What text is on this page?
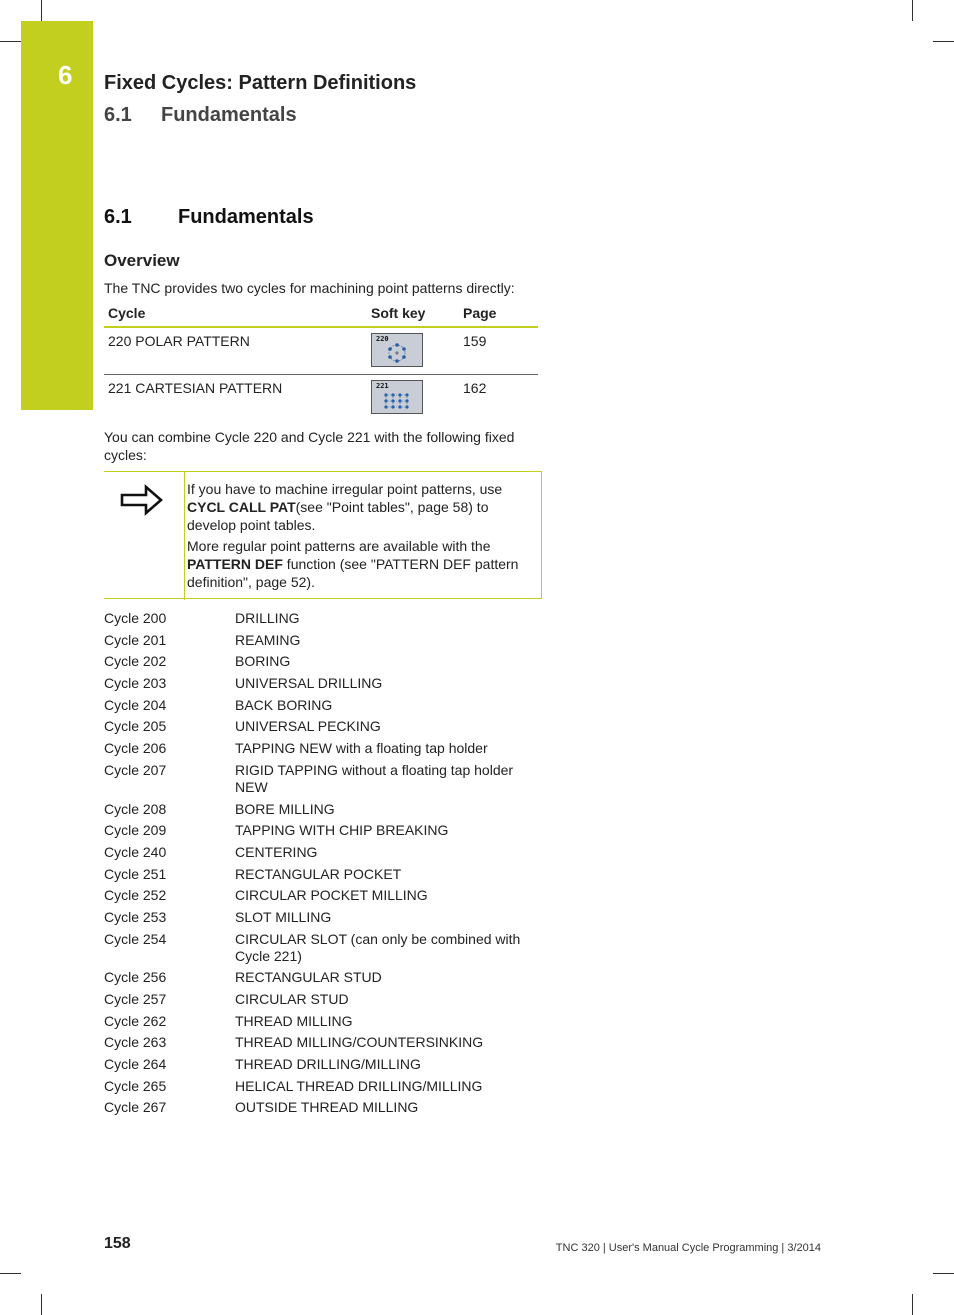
6	Fixed Cycles: Pattern Definitions
6.1 Fundamentals
6.1 Fundamentals
Overview
The TNC provides two cycles for machining point patterns directly:
Cycle	Soft key	Page
220 POLAR PATTERN	220	159
221 CARTESIAN PATTERN	221	162
You can combine Cycle 220 and Cycle 221 with the following fixed cycles:
If you have to machine irregular point patterns, use CYCL CALL PAT(see "Point tables", page 58) to develop point tables.
More regular point patterns are available with the PATTERN DEF function (see "PATTERN DEF pattern definition", page 52).
Cycle 200	DRILLING
Cycle 201	REAMING
Cycle 202	BORING
Cycle 203	UNIVERSAL DRILLING
Cycle 204	BACK BORING
Cycle 205	UNIVERSAL PECKING
Cycle 206	TAPPING NEW with a floating tap holder
Cycle 207	RIGID TAPPING without a floating tap holder NEW
Cycle 208	BORE MILLING
Cycle 209	TAPPING WITH CHIP BREAKING
Cycle 240	CENTERING
Cycle 251	RECTANGULAR POCKET
Cycle 252	CIRCULAR POCKET MILLING
Cycle 253	SLOT MILLING
Cycle 254	CIRCULAR SLOT (can only be combined with Cycle 221)
Cycle 256	RECTANGULAR STUD
Cycle 257	CIRCULAR STUD
Cycle 262	THREAD MILLING
Cycle 263	THREAD MILLING/COUNTERSINKING
Cycle 264	THREAD DRILLING/MILLING
Cycle 265	HELICAL THREAD DRILLING/MILLING
Cycle 267	OUTSIDE THREAD MILLING
158	TNC 320 | User's Manual Cycle Programming | 3/2014
